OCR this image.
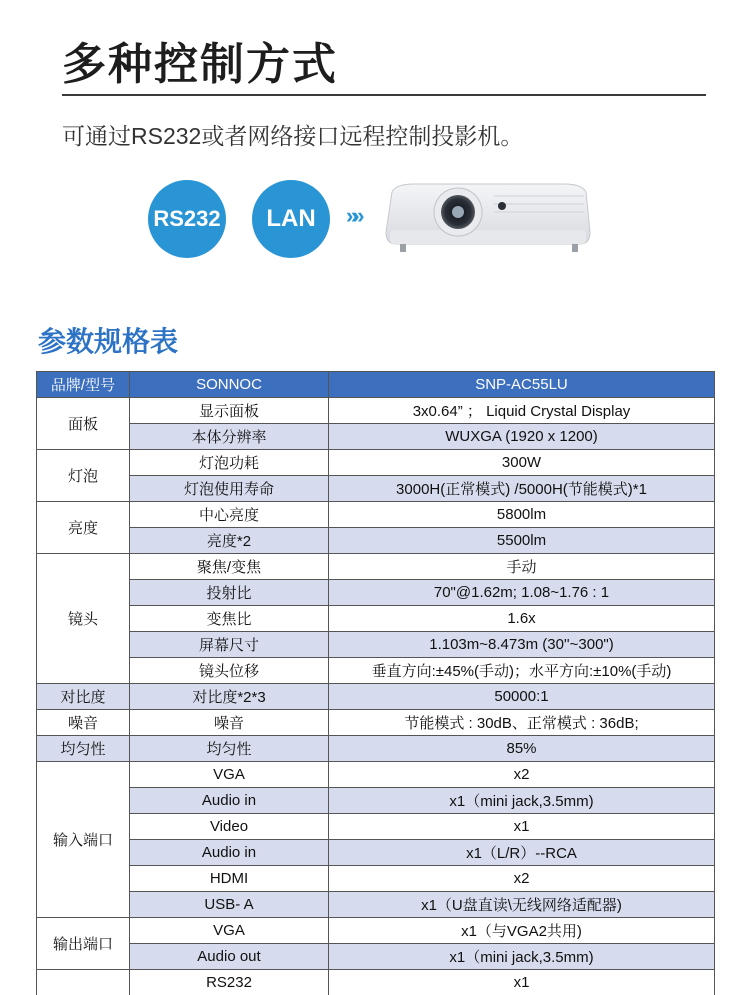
多种控制方式
可通过RS232或者网络接口远程控制投影机。
RS232 LAN »»
参数规格表
品牌/型号	SONNOC	SNP-AC55LU
面板	显示面板	3x0.64” ； Liquid Crystal Display
	本体分辨率	WUXGA (1920 x 1200)
灯泡	灯泡功耗	300W
	灯泡使用寿命	3000H(正常模式) /5000H(节能模式)*1
亮度	中心亮度	5800lm
	亮度*2	5500lm
镜头	聚焦/变焦	手动
	投射比	70"@1.62m; 1.08~1.76 : 1
	变焦比	1.6x
	屏幕尺寸	1.103m~8.473m (30''~300")
	镜头位移	垂直方向:±45%(手动)；水平方向:±10%(手动)
对比度	对比度*2*3	50000:1
噪音	噪音	节能模式 : 30dB、正常模式 : 36dB;
均匀性	均匀性	85%
输入端口	VGA	x2
	Audio in	x1（mini jack,3.5mm)
	Video	x1
	Audio in	x1（L/R）--RCA
	HDMI	x2
	USB- A	x1（U盘直读\无线网络适配器)
输出端口	VGA	x1（与VGA2共用)
	Audio out	x1（mini jack,3.5mm)
	RS232	x1
